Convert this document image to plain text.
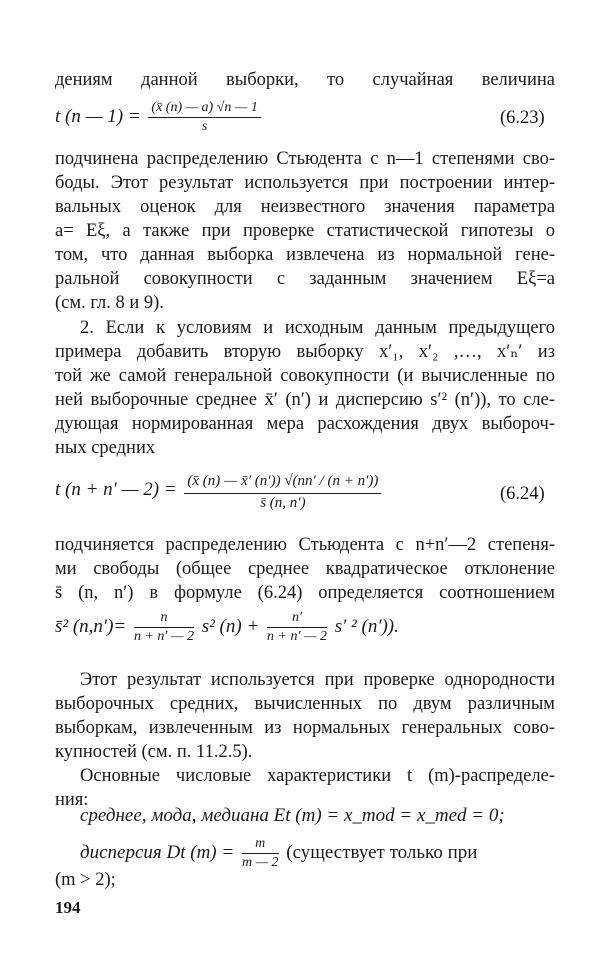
дениям данной выборки, то случайная величина
t (n — $1) = \frac{(x̄ (n) — a) √n — 1}{s}$	(6.23)
подчинена распределению Стьюдента с n—1 степенями сво-
боды. Этот результат используется при построении интер-
вальных оценок для неизвестного значения параметра
a= Eξ, а также при проверке статистической гипотезы о
том, что данная выборка извлечена из нормальной гене-
ральной совокупности с заданным значением Eξ=a
(см. гл. 8 и 9).
2. Если к условиям и исходным данным предыдущего
примера добавить вторую выборку x′₁, x′₂ ,…, x′ₙ′ из
той же самой генеральной совокупности (и вычисленные по
ней выборочные среднее x̄′ (n′) и дисперсию s′² (n′)), то сле-
дующая нормированная мера расхождения двух выбороч-
ных средних
t (n + n′ — $2) = \frac{(x̄ (n) — x̄' (n')) √(nn' / (n + n'))}{s̄ (n, n')}$	(6.24)
подчиняется распределению Стьюдента с n+n′—2 степеня-
ми свободы (общее среднее квадратическое отклонение
s̄ (n, n′) в формуле (6.24) определяется соотношением
s̄² $(n,n')= \frac{n}{n + n' — 2} s^2$ $(n) + \frac{n'}{n + n' — 2} s'$ ² (n′)).
Этот результат используется при проверке однородности
выборочных средних, вычисленных по двум различным
выборкам, извлеченным из нормальных генеральных сово-
купностей (см. п. 11.2.5).
Основные числовые характеристики t (m)-распределе-
ния:
среднее, мода, медиана Et (m) = x_mod = x_med = 0;
дисперсия Dt $(m) = \frac{m}{m — 2}$ (существует только при
(m > 2);
194
